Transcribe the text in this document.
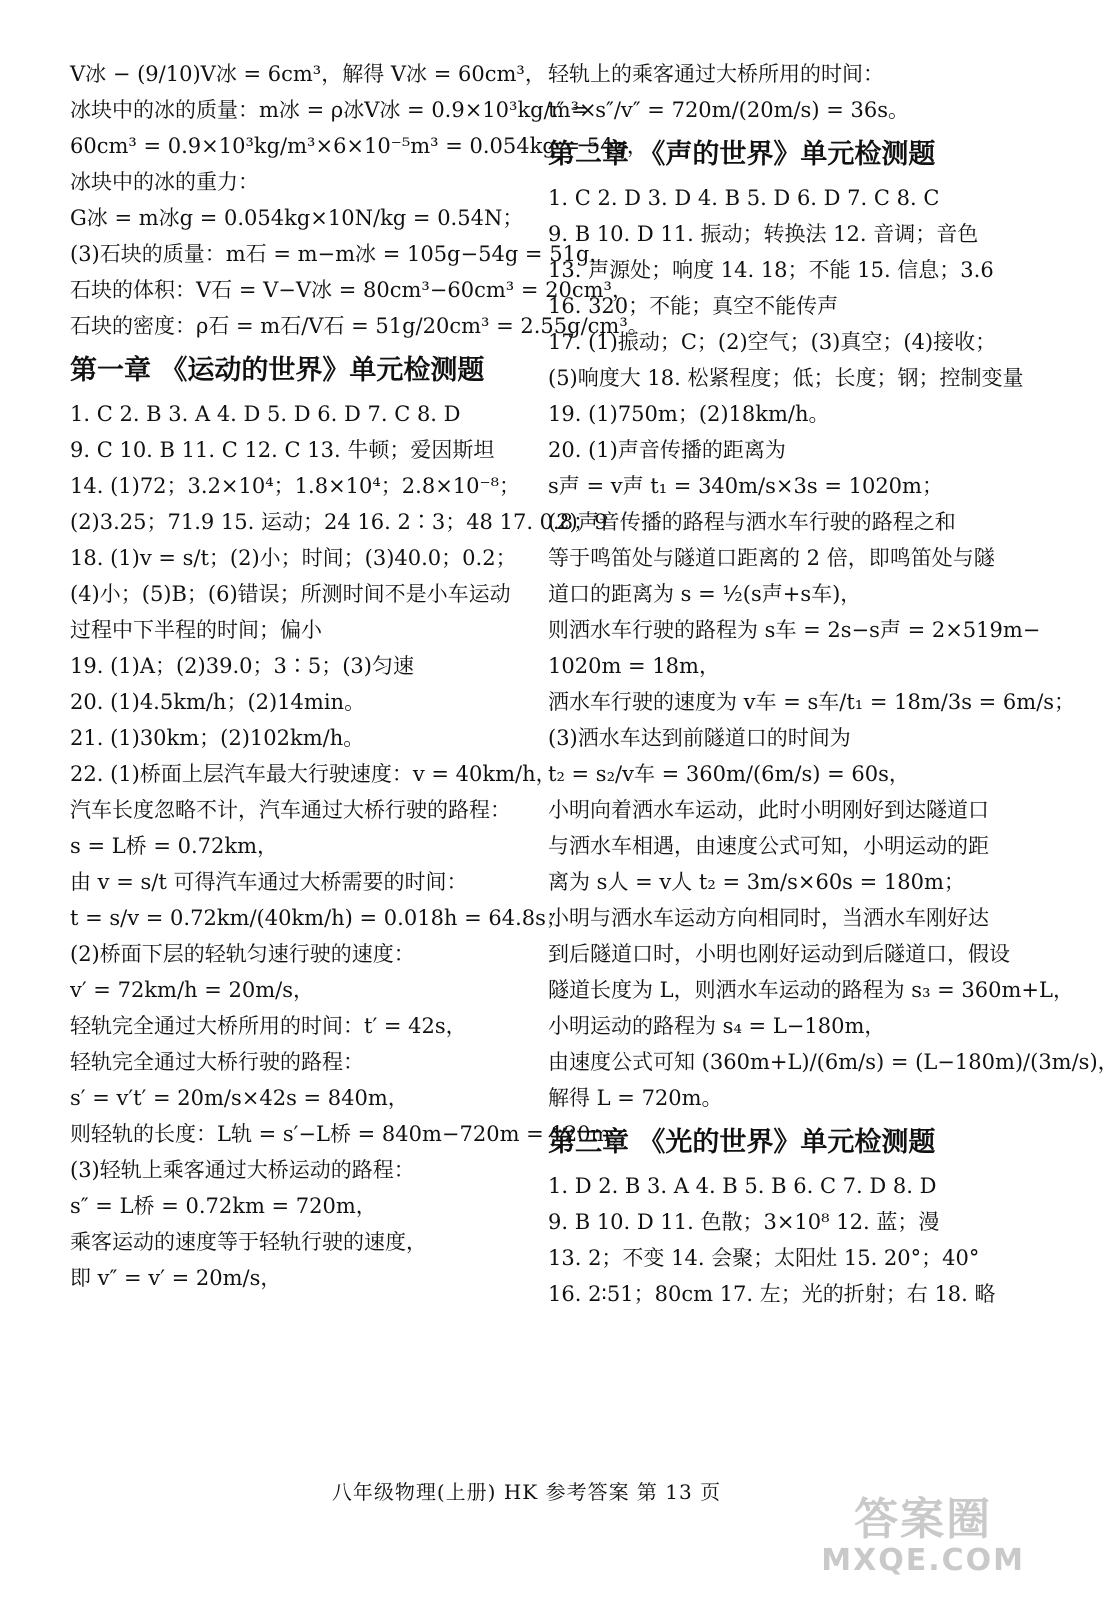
V冰 − (9/10)V冰 = 6cm³，解得 V冰 = 60cm³，
冰块中的冰的质量：m冰 = ρ冰V冰 = 0.9×10³kg/m³×
60cm³ = 0.9×10³kg/m³×6×10⁻⁵m³ = 0.054kg = 54g，
冰块中的冰的重力：
G冰 = m冰g = 0.054kg×10N/kg = 0.54N；
(3)石块的质量：m石 = m−m冰 = 105g−54g = 51g，
石块的体积：V石 = V−V冰 = 80cm³−60cm³ = 20cm³，
石块的密度：ρ石 = m石/V石 = 51g/20cm³ = 2.55g/cm³。
第一章 《运动的世界》单元检测题
1. C 2. B 3. A 4. D 5. D 6. D 7. C 8. D
9. C 10. B 11. C 12. C 13. 牛顿；爱因斯坦
14. (1)72；3.2×10⁴；1.8×10⁴；2.8×10⁻⁸；
(2)3.25；71.9 15. 运动；24 16. 2∶3；48 17. 0.8；9
18. (1)v = s/t；(2)小；时间；(3)40.0；0.2；
(4)小；(5)B；(6)错误；所测时间不是小车运动
过程中下半程的时间；偏小
19. (1)A；(2)39.0；3∶5；(3)匀速
20. (1)4.5km/h；(2)14min。
21. (1)30km；(2)102km/h。
22. (1)桥面上层汽车最大行驶速度：v = 40km/h，
汽车长度忽略不计，汽车通过大桥行驶的路程：
s = L桥 = 0.72km，
由 v = s/t 可得汽车通过大桥需要的时间：
t = s/v = 0.72km/(40km/h) = 0.018h = 64.8s；
(2)桥面下层的轻轨匀速行驶的速度：
v′ = 72km/h = 20m/s，
轻轨完全通过大桥所用的时间：t′ = 42s，
轻轨完全通过大桥行驶的路程：
s′ = v′t′ = 20m/s×42s = 840m，
则轻轨的长度：L轨 = s′−L桥 = 840m−720m = 120m；
(3)轻轨上乘客通过大桥运动的路程：
s″ = L桥 = 0.72km = 720m，
乘客运动的速度等于轻轨行驶的速度，
即 v″ = v′ = 20m/s，
轻轨上的乘客通过大桥所用的时间：
t″ = s″/v″ = 720m/(20m/s) = 36s。
第二章 《声的世界》单元检测题
1. C 2. D 3. D 4. B 5. D 6. D 7. C 8. C
9. B 10. D 11. 振动；转换法 12. 音调；音色
13. 声源处；响度 14. 18；不能 15. 信息；3.6
16. 320；不能；真空不能传声
17. (1)振动；C；(2)空气；(3)真空；(4)接收；
(5)响度大 18. 松紧程度；低；长度；钢；控制变量
19. (1)750m；(2)18km/h。
20. (1)声音传播的距离为
s声 = v声 t₁ = 340m/s×3s = 1020m；
(2)声音传播的路程与洒水车行驶的路程之和
等于鸣笛处与隧道口距离的 2 倍，即鸣笛处与隧
道口的距离为 s = ½(s声+s车)，
则洒水车行驶的路程为 s车 = 2s−s声 = 2×519m−
1020m = 18m，
洒水车行驶的速度为 v车 = s车/t₁ = 18m/3s = 6m/s；
(3)洒水车达到前隧道口的时间为
t₂ = s₂/v车 = 360m/(6m/s) = 60s，
小明向着洒水车运动，此时小明刚好到达隧道口
与洒水车相遇，由速度公式可知，小明运动的距
离为 s人 = v人 t₂ = 3m/s×60s = 180m；
小明与洒水车运动方向相同时，当洒水车刚好达
到后隧道口时，小明也刚好运动到后隧道口，假设
隧道长度为 L，则洒水车运动的路程为 s₃ = 360m+L，
小明运动的路程为 s₄ = L−180m，
由速度公式可知 (360m+L)/(6m/s) = (L−180m)/(3m/s)，
解得 L = 720m。
第三章 《光的世界》单元检测题
1. D 2. B 3. A 4. B 5. B 6. C 7. D 8. D
9. B 10. D 11. 色散；3×10⁸ 12. 蓝；漫
13. 2；不变 14. 会聚；太阳灶 15. 20°；40°
16. 2∶51；80cm 17. 左；光的折射；右 18. 略
八年级物理(上册) HK 参考答案 第 13 页
答案圈
MXQE.COM
